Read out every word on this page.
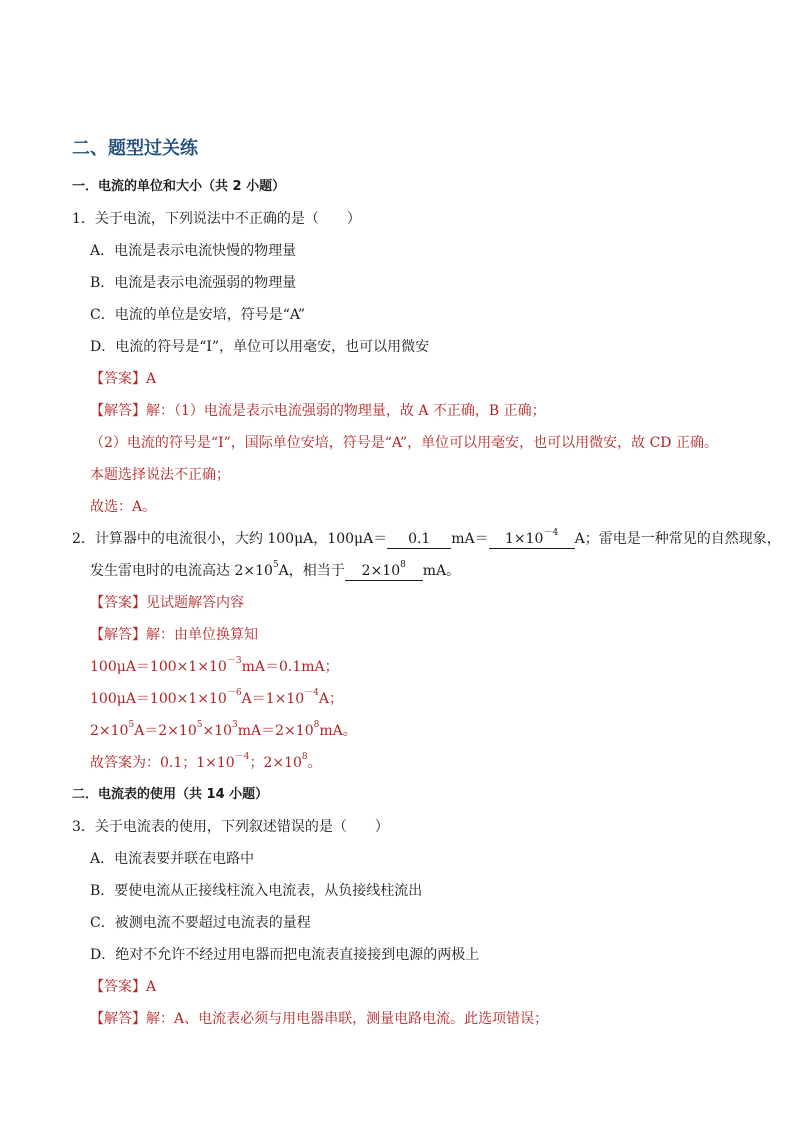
二、题型过关练
一．电流的单位和大小（共 2 小题）
1．关于电流，下列说法中不正确的是（　　）
A．电流是表示电流快慢的物理量
B．电流是表示电流强弱的物理量
C．电流的单位是安培，符号是“A”
D．电流的符号是“I”，单位可以用毫安，也可以用微安
【答案】A
【解答】解：（1）电流是表示电流强弱的物理量，故 A 不正确，B 正确；
（2）电流的符号是“I”，国际单位安培，符号是“A”，单位可以用毫安，也可以用微安，故 CD 正确。
本题选择说法不正确；
故选：A。
2．计算器中的电流很小，大约 100μA，100μA＝ 0.1 $mA= 1\times 10^{-4}$ A；雷电是一种常见的自然现象，
发生雷电时的电流高达 $2\times 10^5A$，相当于 $2\times 10^8$ mA。
【答案】见试题解答内容
【解答】解：由单位换算知
$100\mu A=100\times 1\times 10^{-3}mA=0.1mA$；
$100\mu A=100\times 1\times 10^{-6}A=1\times 10^{-4}A$；
$2\times 10^5A=2\times 10^5\times 10^3mA=2\times 10^8mA$。
故答案为：0.1；$1\times 10^{-4}$；$2\times 10^8$。
二．电流表的使用（共 14 小题）
3．关于电流表的使用，下列叙述错误的是（　　）
A．电流表要并联在电路中
B．要使电流从正接线柱流入电流表，从负接线柱流出
C．被测电流不要超过电流表的量程
D．绝对不允许不经过用电器而把电流表直接接到电源的两极上
【答案】A
【解答】解：A、电流表必须与用电器串联，测量电路电流。此选项错误；
